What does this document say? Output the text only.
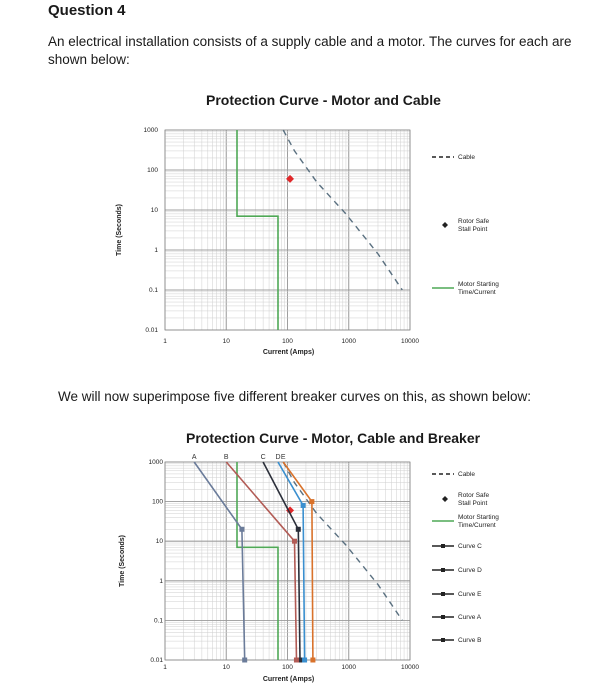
Question 4

An electrical installation consists of a supply cable and a motor. The curves for each are shown below:

Protection Curve - Motor and Cable

We will now superimpose five different breaker curves on this, as shown below:

Protection Curve - Motor, Cable and Breaker
1	10	100	1000	10000
1000
100
10
1
0.1
0.01
Current (Amps)
Time (Seconds)
Cable
Rotor Safe Stall Point
Motor Starting Time/Current
1	10	100	1000	10000
1000
100
10
1
0.1
0.01
Current (Amps)
Time (Seconds)
A	B	C D E
Cable
Rotor Safe Stall Point
Motor Starting Time/Current
Curve C
Curve D
Curve E
Curve A
Curve B
